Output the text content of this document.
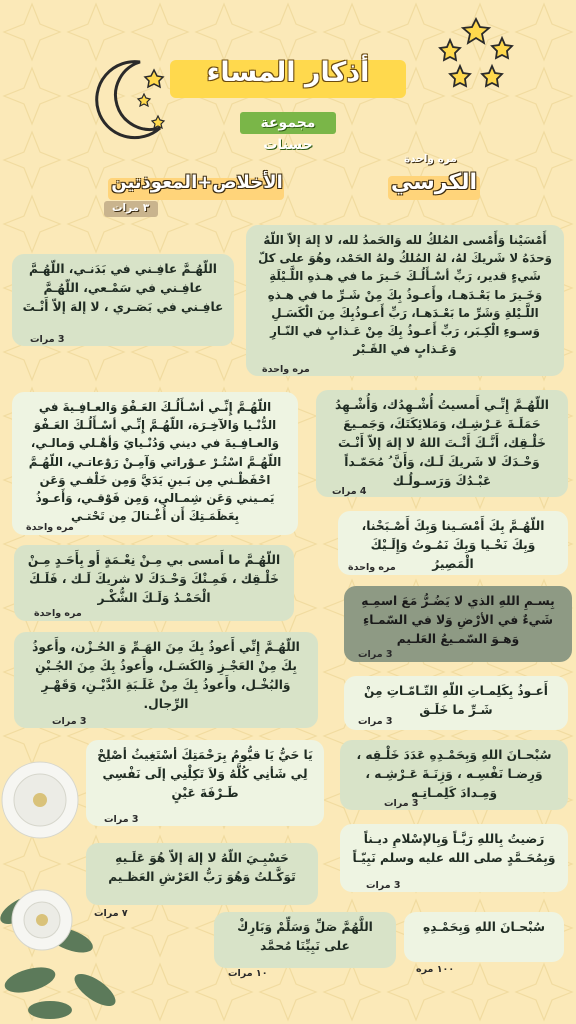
أذكار المساء
مجموعة حسنات
الكرسي
مره واحدة
الأخلاص+المعوذتين
٣ مرات
أَمْسَيْنا وَأَمْسى المُلكُ لله وَالحَمدُ لله، لا إلهَ إلاّ اللّهُ وَحدَهُ لا شَريكَ لهُ، لهُ المُلكُ ولهُ الحَمْد، وهُوَ على كلّ شَيءٍ قدير، رَبِّ أسْـأَلُـكَ خَـيرَ ما في هـذهِ اللَّـيْلَةِ وَخَـيرَ ما بَعْـدَهـا، وأَعـوذُ بِكَ مِنْ شَـرِّ ما في هـذهِ اللَّـيْلةِ وَشَرِّ ما بَعْـدَهـا، رَبِّ أَعـوذُبِكَ مِنَ الْكَسَـلِ وَسـوءِ الْكِـبَر، رَبِّ أَعـوذُ بِكَ مِنْ عَـذابٍ في النّـارِ وَعَـذابٍ في القَـبْر
مره واحدة
اللّهُـمَّ عافِـني في بَدَنـي، اللّهُـمَّ عافِـني في سَمْـعي، اللّهُـمَّ عافِـني في بَصَـري ، لا إلهَ إلاّ أَنْـتَ
3 مرات
اللّهُـمَّ إِنِّـي أسْـأَلُـكَ العَـفْوَ وَالعـافِـيةَ في الدُّنْـيا وَالآخِـرَة، اللّهُـمَّ إِنِّـي أسْـأَلُـكَ العَـفْوَ وَالعـافِـيةَ في ديني وَدُنْـيايَ وَأهْـلي وَمالـي، اللّهُـمَّ اسْتُـرْ عـوْراتي وَآمِـنْ رَوْعاتـي، اللّهُـمَّ احْفَظْـني مِن بَـينِ يَدَيَّ وَمِن خَلْفـي وَعَن يَمـيني وَعَن شِمـالي، وَمِن فَوْقـي، وَأَعـوذُ بِعَظَمَـتِكَ أَن أُغْـتالَ مِن تَحْتـي
مره واحدة
اللّهُـمَّ إِنِّـي أَمسيتُ أُشْـهِدُك، وَأُشْـهِدُ حَمَلَـةَ عَـرْشِـك، وَمَلائِكَتَكَ، وَجَمـيعَ خَلْـقِك، أَنَّـكَ أَنْـتَ اللهُ لا إلهَ إلاّ أَنْـتَ وَحْـدَكَ لا شَريكَ لَـك، وَأَنَّ ُ مُحَمّـداً عَبْـدُكَ وَرَسـولُـك
4 مرات
اللّهُـمَّ بِكَ أَمْسَـينا وَبِكَ أَصْـبَحْنا، وَبِكَ نَحْـيا وَبِكَ نَمُـوتُ وَإِلَـيْكَ الْمَصِيرُ
مره واحدة
اللّهُـمَّ ما أَمسى بي مِـنْ نِعْـمَةٍ أَو بِأَحَـدٍ مِـنْ خَلْـقِك ، فَمِـنْكَ وَحْـدَكَ لا شريكَ لَـك ، فَلَـكَ الْحَمْـدُ وَلَـكَ الشُّكْـر
مره واحدة
بِسـمِ اللهِ الذي لا يَضُـرُّ مَعَ اسمِـهِ شَيءٌ في الأرْضِ وَلا في السّمـاءِ وَهـوَ السّمـيعُ العَلـيم
3 مرات
اللّهُـمَّ إِنِّي أَعوذُ بِكَ مِنَ الهَـمِّ وَ الحُـزْن، وأَعوذُ بِكَ مِنْ العَجْـزِ وَالكَسَـل، وأَعوذُ بِكَ مِنَ الجُـبْنِ وَالبُخْـل، وأَعوذُ بِكَ مِنْ غَلَـبَةِ الدَّيْـنِ، وَقَهْـرِ الرِّجال.
3 مرات
أَعـوذُ بِكَلِمـاتِ اللّهِ التّـامّـاتِ مِنْ شَـرِّ ما خَلَـق
3 مرات
يَا حَيُّ يَا قيُّومُ بِرَحْمَتِكَ أسْتَغِيثُ أصْلِحْ لِي شَأنِي كُلَّهُ وَلاَ تَكِلْنِي إلَى نَفْسِي طَـرْفَةَ عَيْنٍ
3 مرات
سُبْحـانَ اللهِ وَبِحَمْـدِهِ عَدَدَ خَلْـقِه ، وَرِضـا نَفْسِـه ، وَزِنَـةَ عَـرْشِـه ، وَمِـدادَ كَلِمـاتِـه
3 مرات
حَسْبِـيَ اللّهُ لا إلهَ إلاّ هُوَ عَلَـيهِ تَوَكَّـلتُ وَهُوَ رَبُّ العَرْشِ العَظـيم
٧ مرات
رَضيتُ بِاللهِ رَبَّـاً وَبِالإسْلامِ ديـناً وَبِمُحَـمَّدٍ صلى الله عليه وسلم نَبِيّـاً
3 مرات
اللَّهُمَّ صَلِّ وَسَلِّمْ وَبَارِكْ على نَبِيِّنَا مُحمَّد
١٠ مرات
سُبْحـانَ اللهِ وَبِحَمْـدِهِ
١٠٠ مره
